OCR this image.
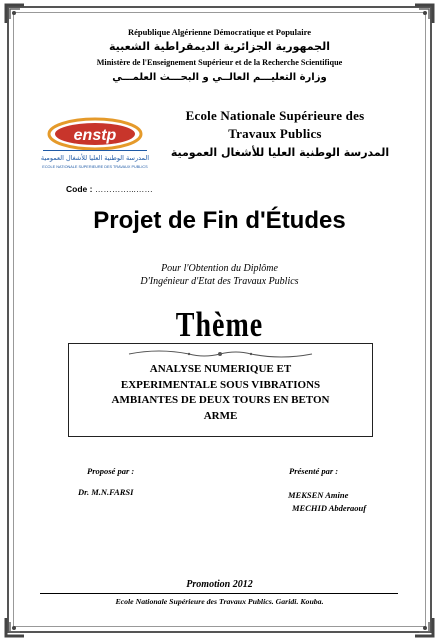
République Algérienne Démocratique et Populaire
الجمهورية الجزائرية الديمقراطية الشعبية
Ministère de l'Enseignement Supérieur et de la Recherche Scientifique
وزارة التعليـــم العالــي و البحـــث العلمـــي
enstp
المدرسة الوطنية العليا للأشغال العمومية
ECOLE NATIONALE SUPERIEURE DES TRAVAUX PUBLICS
Ecole Nationale Supérieure des
Travaux Publics
المدرسة الوطنية العليا للأشغال العمومية
Code : …………...……
Projet de Fin d'Études
Pour l'Obtention du Diplôme
D'Ingénieur d'Etat des Travaux Publics
Thème
ANALYSE NUMERIQUE ET
EXPERIMENTALE SOUS VIBRATIONS
AMBIANTES DE DEUX TOURS EN BETON
ARME
Proposé par :
Dr. M.N.FARSI
Présenté par :
MEKSEN Amine
MECHID Abderaouf
Promotion 2012
Ecole Nationale Supérieure des Travaux Publics. Garidi. Kouba.
